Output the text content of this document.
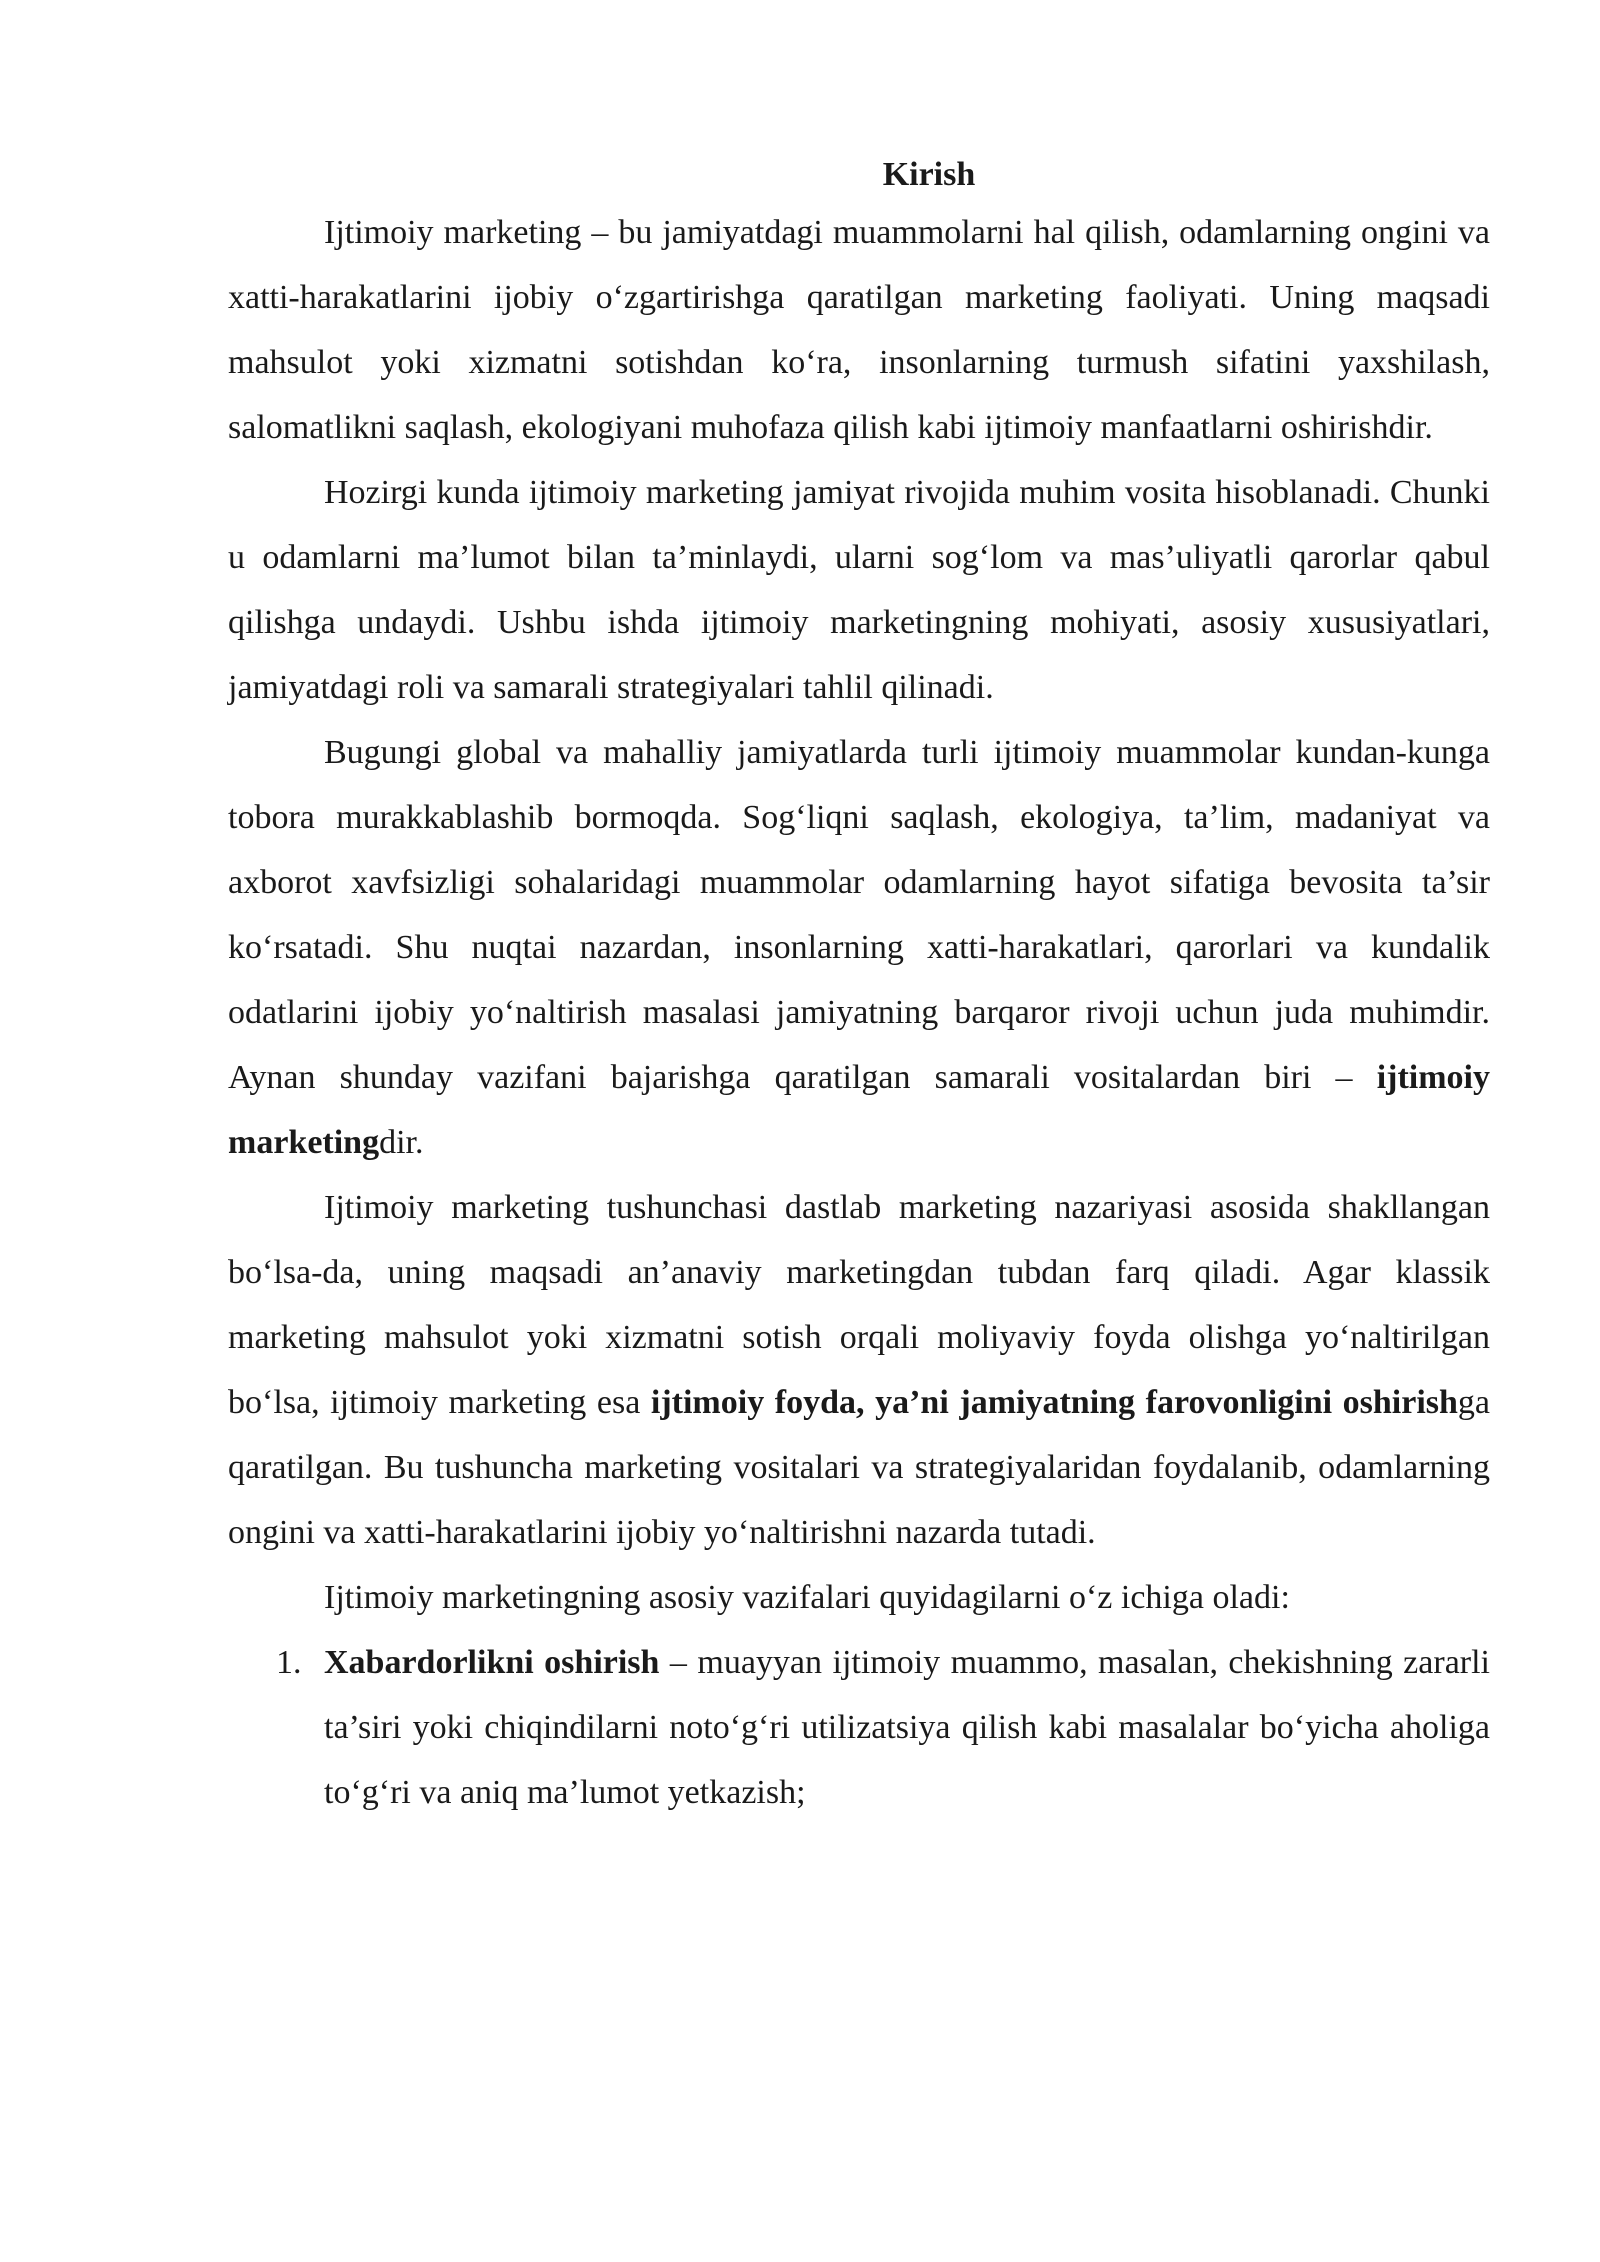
Kirish

Ijtimoiy marketing – bu jamiyatdagi muammolarni hal qilish, odamlarning ongini va xatti-harakatlarini ijobiy o‘zgartirishga qaratilgan marketing faoliyati. Uning maqsadi mahsulot yoki xizmatni sotishdan ko‘ra, insonlarning turmush sifatini yaxshilash, salomatlikni saqlash, ekologiyani muhofaza qilish kabi ijtimoiy manfaatlarni oshirishdir.

Hozirgi kunda ijtimoiy marketing jamiyat rivojida muhim vosita hisoblanadi. Chunki u odamlarni ma’lumot bilan ta’minlaydi, ularni sog‘lom va mas’uliyatli qarorlar qabul qilishga undaydi. Ushbu ishda ijtimoiy marketingning mohiyati, asosiy xususiyatlari, jamiyatdagi roli va samarali strategiyalari tahlil qilinadi.

Bugungi global va mahalliy jamiyatlarda turli ijtimoiy muammolar kundan-kunga tobora murakkablashib bormoqda. Sog‘liqni saqlash, ekologiya, ta’lim, madaniyat va axborot xavfsizligi sohalaridagi muammolar odamlarning hayot sifatiga bevosita ta’sir ko‘rsatadi. Shu nuqtai nazardan, insonlarning xatti-harakatlari, qarorlari va kundalik odatlarini ijobiy yo‘naltirish masalasi jamiyatning barqaror rivoji uchun juda muhimdir. Aynan shunday vazifani bajarishga qaratilgan samarali vositalardan biri – ijtimoiy marketingdir.

Ijtimoiy marketing tushunchasi dastlab marketing nazariyasi asosida shakllangan bo‘lsa-da, uning maqsadi an’anaviy marketingdan tubdan farq qiladi. Agar klassik marketing mahsulot yoki xizmatni sotish orqali moliyaviy foyda olishga yo‘naltirilgan bo‘lsa, ijtimoiy marketing esa ijtimoiy foyda, ya’ni jamiyatning farovonligini oshirishga qaratilgan. Bu tushuncha marketing vositalari va strategiyalaridan foydalanib, odamlarning ongini va xatti-harakatlarini ijobiy yo‘naltirishni nazarda tutadi.

Ijtimoiy marketingning asosiy vazifalari quyidagilarni o‘z ichiga oladi:

1. Xabardorlikni oshirish – muayyan ijtimoiy muammo, masalan, chekishning zararli ta’siri yoki chiqindilarni noto‘g‘ri utilizatsiya qilish kabi masalalar bo‘yicha aholiga to‘g‘ri va aniq ma’lumot yetkazish;
